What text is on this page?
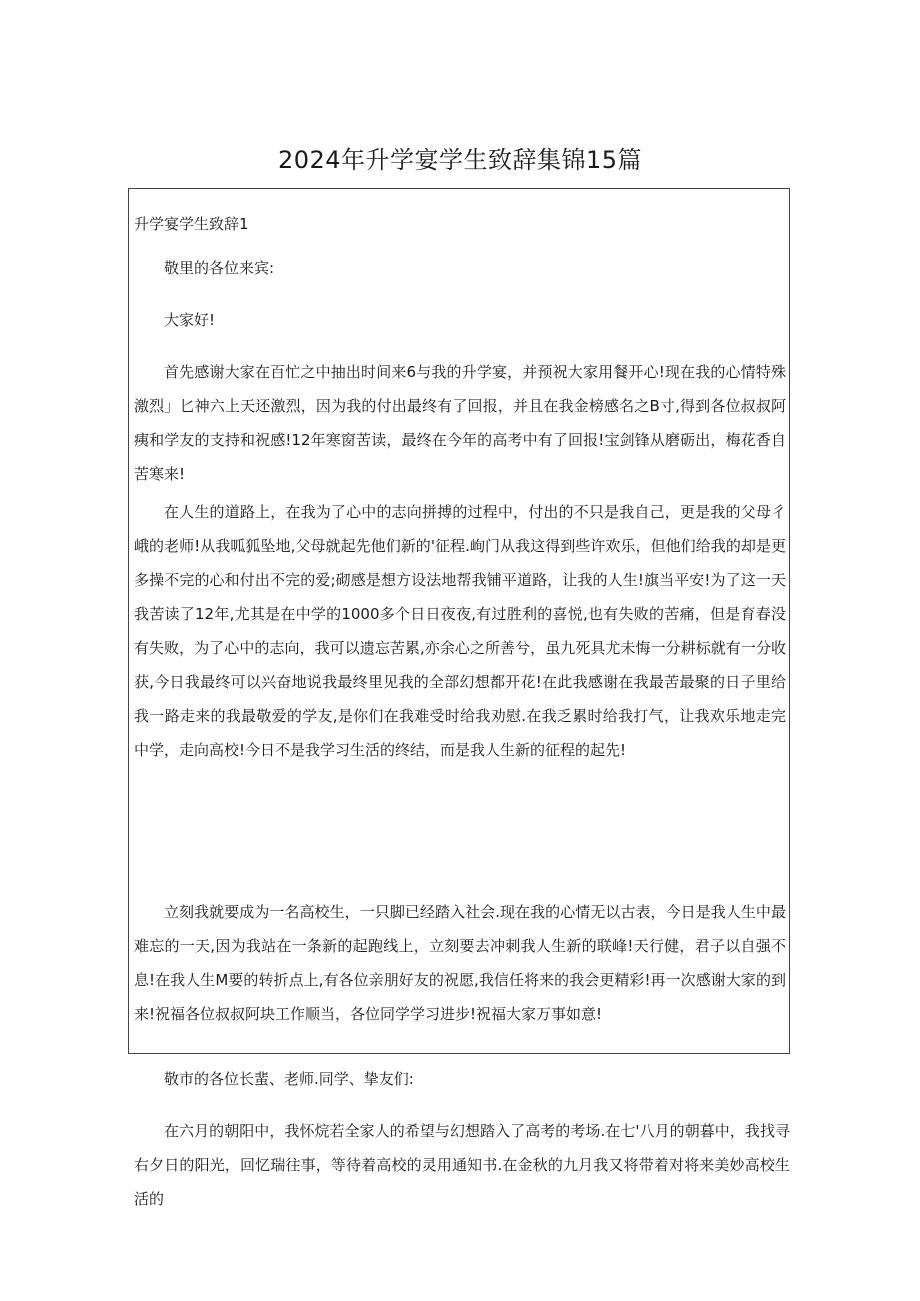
2024年升学宴学生致辞集锦15篇

升学宴学生致辞1

敬里的各位来宾:

大家好!

首先感谢大家在百忙之中抽出时间来6与我的升学宴，并预祝大家用餐开心!现在我的心情特殊激烈」匕神六上天还激烈，因为我的付出最终有了回报，并且在我金榜感名之B寸,得到各位叔叔阿痍和学友的支持和祝感!12年寒窗苦读，最终在今年的高考中有了回报!宝剑锋从磨砺出，梅花香自苦寒来!

在人生的道路上，在我为了心中的志向拼搏的过程中，付出的不只是我自己，更是我的父母彳峨的老师!从我呱狐坠地,父母就起先他们新的'征程.峋门从我这得到些许欢乐，但他们给我的却是更多操不完的心和付出不完的爱;砌感是想方设法地帮我铺平道路，让我的人生!旗当平安!为了这一天我苦读了12年,尤其是在中学的1000多个日日夜夜,有过胜利的喜悦,也有失败的苦痛，但是育春没有失败，为了心中的志向，我可以遗忘苦累,亦余心之所善兮，虽九死具尤未悔一分耕标就有一分收获,今日我最终可以兴奋地说我最终里见我的全部幻想都开花!在此我感谢在我最苦最聚的日子里给我一路走来的我最敬爱的学友,是你们在我难受时给我劝慰.在我乏累时给我打气，让我欢乐地走完中学，走向高校!今日不是我学习生活的终结，而是我人生新的征程的起先!

立刻我就要成为一名高校生，一只脚已经踏入社会.现在我的心情无以古表，今日是我人生中最难忘的一天,因为我站在一条新的起跑线上，立刻要去冲刺我人生新的联峰!天行健，君子以自强不息!在我人生M要的转折点上,有各位亲朋好友的祝愿,我信任将来的我会更精彩!再一次感谢大家的到来!祝福各位叔叔阿块工作顺当，各位同学学习进步!祝福大家万事如意!

敬市的各位长蜚、老师.同学、挚友们:

在六月的朝阳中，我怀烷若全家人的希望与幻想踏入了高考的考场.在七'八月的朝暮中，我找寻右夕日的阳光，回忆瑞往事，等待着高校的灵用通知书.在金秋的九月我又将带着对将来美妙高校生活的
